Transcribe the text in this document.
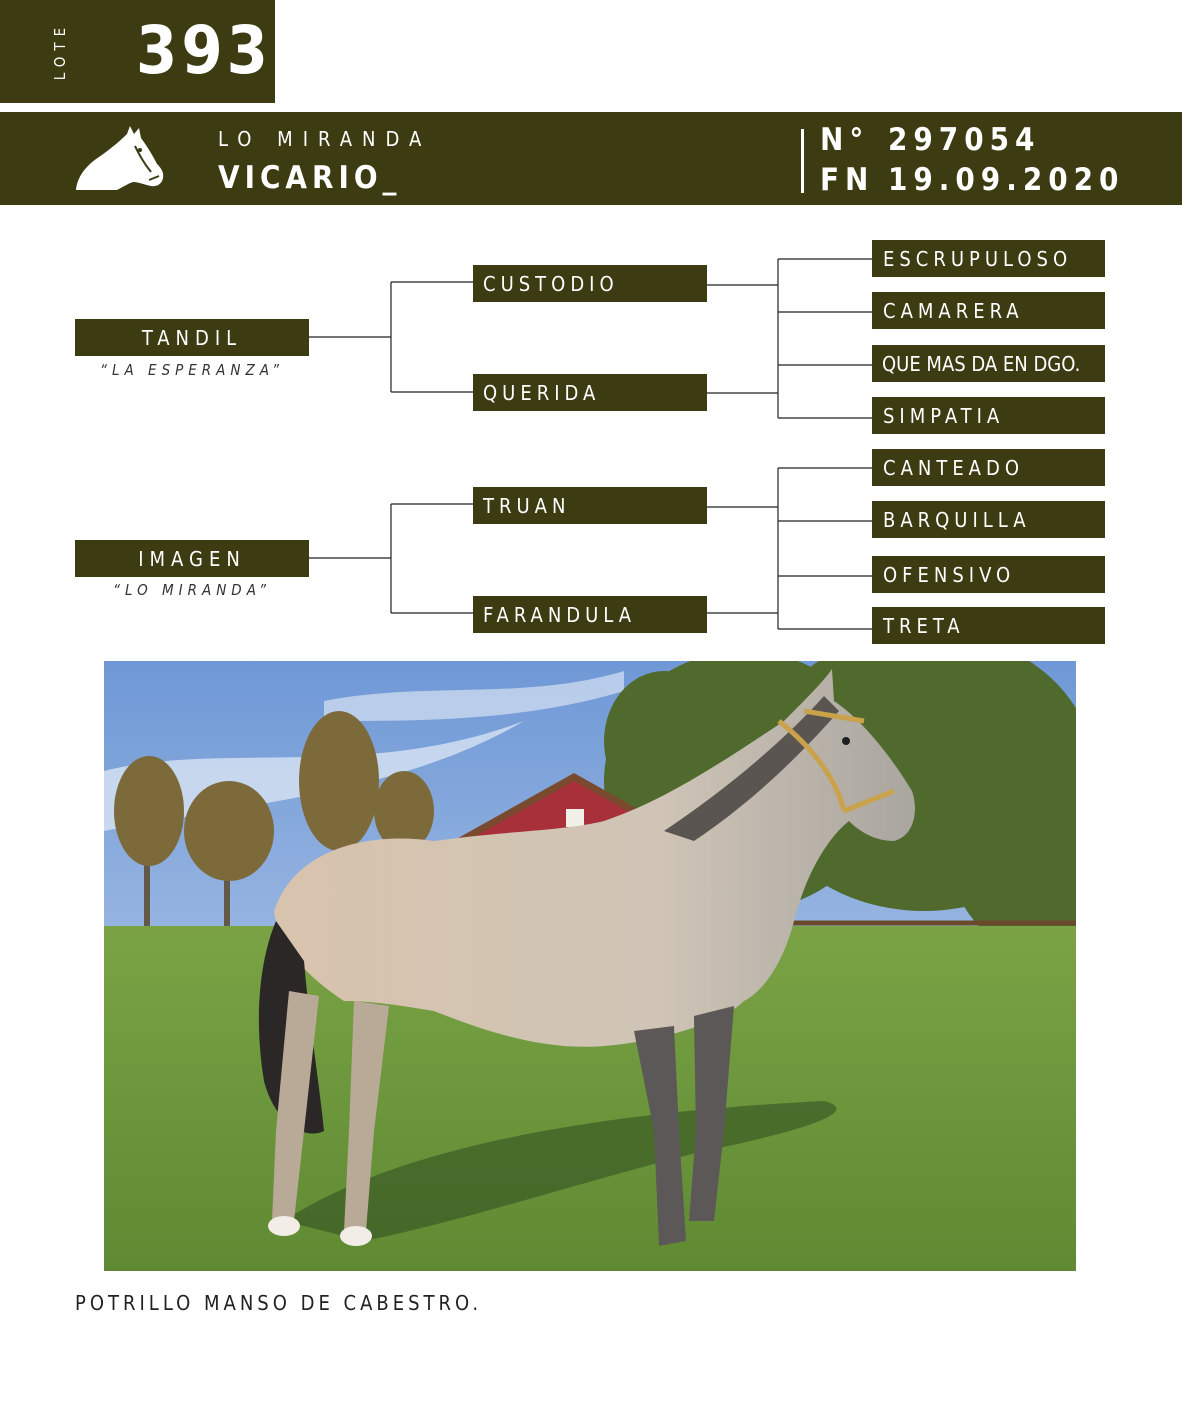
LOTE 393
LO MIRANDA
VICARIO_
N° 297054
FN 19.09.2020
TANDIL
“LA ESPERANZA”
IMAGEN
“LO MIRANDA”
CUSTODIO
QUERIDA
TRUAN
FARANDULA
ESCRUPULOSO
CAMARERA
QUE MAS DA EN DGO.
SIMPATIA
CANTEADO
BARQUILLA
OFENSIVO
TRETA
POTRILLO MANSO DE CABESTRO.
